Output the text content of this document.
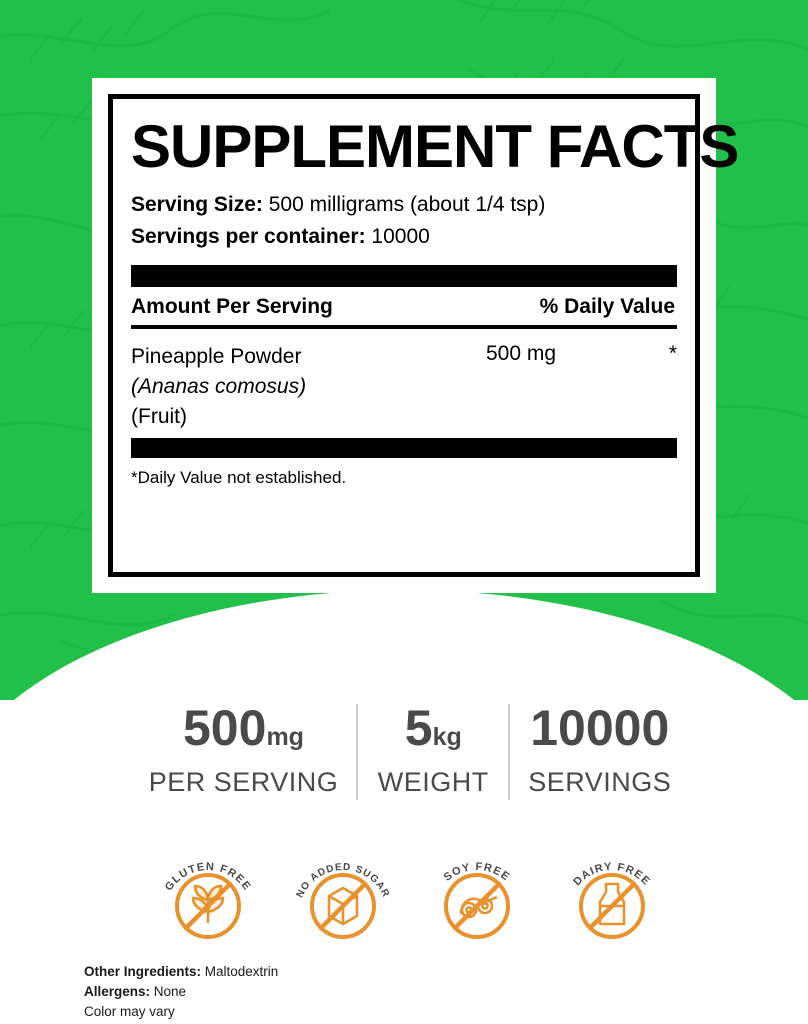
SUPPLEMENT FACTS
Serving Size: 500 milligrams (about 1/4 tsp)
Servings per container: 10000
Amount Per Serving	% Daily Value
Pineapple Powder
(Ananas comosus)
(Fruit)
500 mg	*
*Daily Value not established.
500mg
PER SERVING
5kg
WEIGHT
10000
SERVINGS
GLUTEN FREE
NO ADDED SUGAR
SOY FREE	DAIRY FREE
Other Ingredients: Maltodextrin
Allergens: None
Color may vary
